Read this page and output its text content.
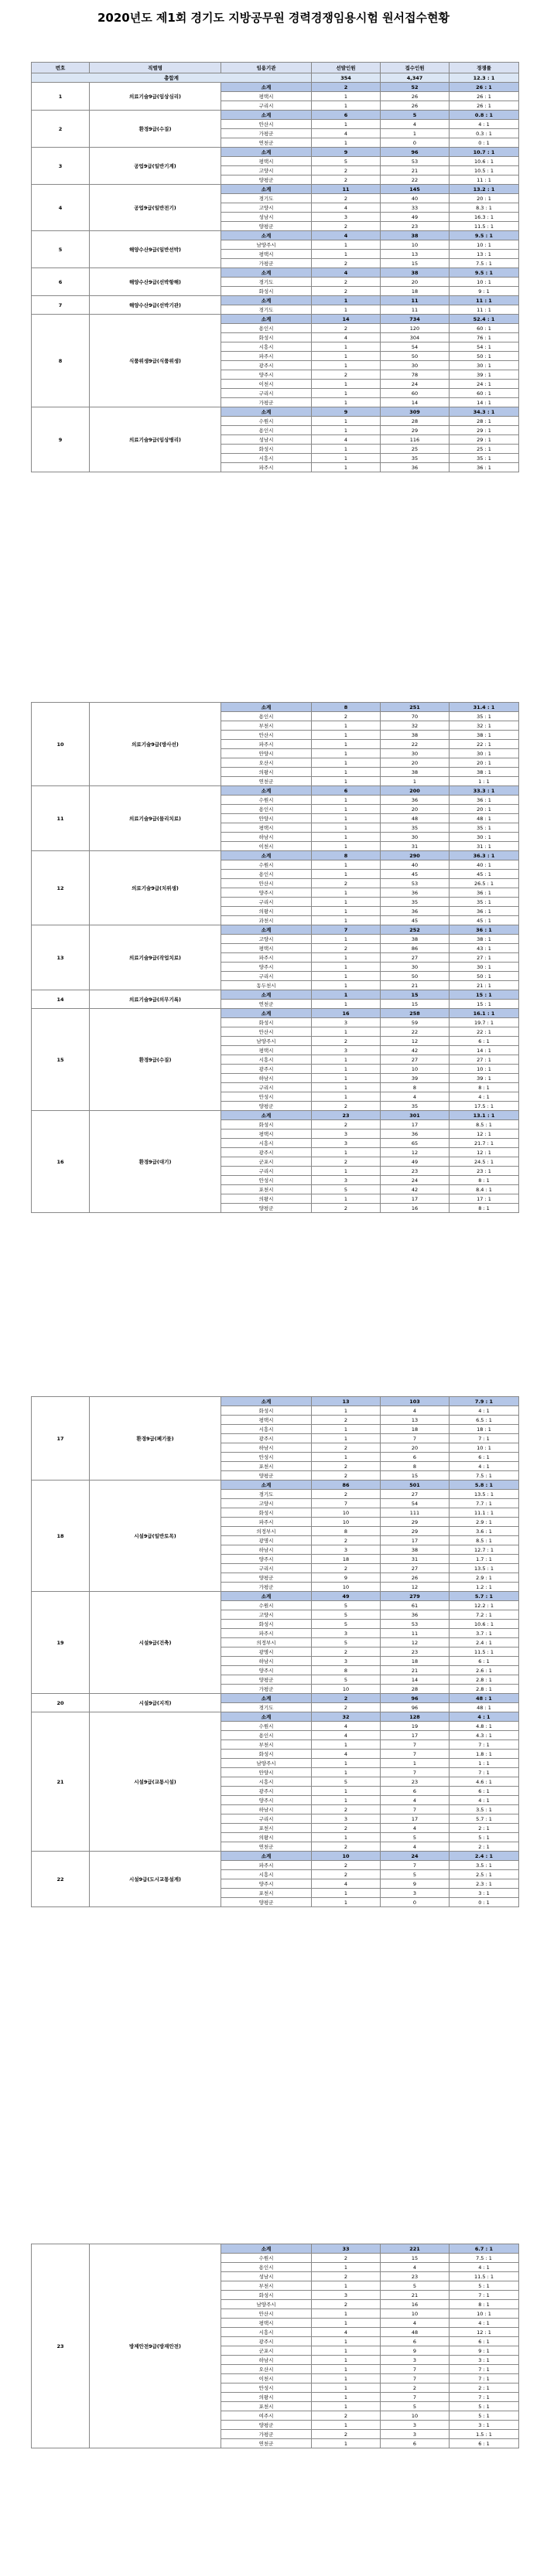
2020년도 제1회 경기도 지방공무원 경력경쟁임용시험 원서접수현황
번호	직렬명	임용기관	선발인원	접수인원	경쟁률
총합계			354	4,347	12.3 : 1
1	의료기술9급(임상심리)	소계	2	52	26 : 1
		평택시	1	26	26 : 1
		구리시	1	26	26 : 1
2	환경9급(수질)	소계	6	5	0.8 : 1
		안산시	1	4	4 : 1
		가평군	4	1	0.3 : 1
		연천군	1	0	0 : 1
3	공업9급(일반기계)	소계	9	96	10.7 : 1
		평택시	5	53	10.6 : 1
		고양시	2	21	10.5 : 1
		양평군	2	22	11 : 1
4	공업9급(일반전기)	소계	11	145	13.2 : 1
		경기도	2	40	20 : 1
		고양시	4	33	8.3 : 1
		성남시	3	49	16.3 : 1
		양평군	2	23	11.5 : 1
5	해양수산9급(일반선박)	소계	4	38	9.5 : 1
		남양주시	1	10	10 : 1
		평택시	1	13	13 : 1
		가평군	2	15	7.5 : 1
6	해양수산9급(선박항해)	소계	4	38	9.5 : 1
		경기도	2	20	10 : 1
		화성시	2	18	9 : 1
7	해양수산9급(선박기관)	소계	1	11	11 : 1
		경기도	1	11	11 : 1
8	식품위생9급(식품위생)	소계	14	734	52.4 : 1
		용인시	2	120	60 : 1
		화성시	4	304	76 : 1
		시흥시	1	54	54 : 1
		파주시	1	50	50 : 1
		광주시	1	30	30 : 1
		양주시	2	78	39 : 1
		이천시	1	24	24 : 1
		구리시	1	60	60 : 1
		가평군	1	14	14 : 1
9	의료기술9급(임상병리)	소계	9	309	34.3 : 1
		수원시	1	28	28 : 1
		용인시	1	29	29 : 1
		성남시	4	116	29 : 1
		화성시	1	25	25 : 1
		시흥시	1	35	35 : 1
		파주시	1	36	36 : 1
10	의료기술9급(방사선)	소계	8	251	31.4 : 1
		용인시	2	70	35 : 1
		부천시	1	32	32 : 1
		안산시	1	38	38 : 1
		파주시	1	22	22 : 1
		안양시	1	30	30 : 1
		오산시	1	20	20 : 1
		의왕시	1	38	38 : 1
		연천군	1	1	1 : 1
11	의료기술9급(물리치료)	소계	6	200	33.3 : 1
		수원시	1	36	36 : 1
		용인시	1	20	20 : 1
		안양시	1	48	48 : 1
		평택시	1	35	35 : 1
		하남시	1	30	30 : 1
		이천시	1	31	31 : 1
12	의료기술9급(치위생)	소계	8	290	36.3 : 1
		수원시	1	40	40 : 1
		용인시	1	45	45 : 1
		안산시	2	53	26.5 : 1
		양주시	1	36	36 : 1
		구리시	1	35	35 : 1
		의왕시	1	36	36 : 1
		과천시	1	45	45 : 1
13	의료기술9급(작업치료)	소계	7	252	36 : 1
		고양시	1	38	38 : 1
		평택시	2	86	43 : 1
		파주시	1	27	27 : 1
		양주시	1	30	30 : 1
		구리시	1	50	50 : 1
		동두천시	1	21	21 : 1
14	의료기술9급(의무기록)	소계	1	15	15 : 1
		연천군	1	15	15 : 1
15	환경9급(수질)	소계	16	258	16.1 : 1
		화성시	3	59	19.7 : 1
		안산시	1	22	22 : 1
		남양주시	2	12	6 : 1
		평택시	3	42	14 : 1
		시흥시	1	27	27 : 1
		광주시	1	10	10 : 1
		하남시	1	39	39 : 1
		구리시	1	8	8 : 1
		안성시	1	4	4 : 1
		양평군	2	35	17.5 : 1
16	환경9급(대기)	소계	23	301	13.1 : 1
		화성시	2	17	8.5 : 1
		평택시	3	36	12 : 1
		시흥시	3	65	21.7 : 1
		광주시	1	12	12 : 1
		군포시	2	49	24.5 : 1
		구리시	1	23	23 : 1
		안성시	3	24	8 : 1
		포천시	5	42	8.4 : 1
		의왕시	1	17	17 : 1
		양평군	2	16	8 : 1
17	환경9급(폐기물)	소계	13	103	7.9 : 1
		화성시	1	4	4 : 1
		평택시	2	13	6.5 : 1
		시흥시	1	18	18 : 1
		광주시	1	7	7 : 1
		하남시	2	20	10 : 1
		안성시	1	6	6 : 1
		포천시	2	8	4 : 1
		양평군	2	15	7.5 : 1
18	시설9급(일반토목)	소계	86	501	5.8 : 1
		경기도	2	27	13.5 : 1
		고양시	7	54	7.7 : 1
		화성시	10	111	11.1 : 1
		파주시	10	29	2.9 : 1
		의정부시	8	29	3.6 : 1
		광명시	2	17	8.5 : 1
		하남시	3	38	12.7 : 1
		양주시	18	31	1.7 : 1
		구리시	2	27	13.5 : 1
		양평군	9	26	2.9 : 1
		가평군	10	12	1.2 : 1
19	시설9급(건축)	소계	49	279	5.7 : 1
		수원시	5	61	12.2 : 1
		고양시	5	36	7.2 : 1
		화성시	5	53	10.6 : 1
		파주시	3	11	3.7 : 1
		의정부시	5	12	2.4 : 1
		광명시	2	23	11.5 : 1
		하남시	3	18	6 : 1
		양주시	8	21	2.6 : 1
		양평군	5	14	2.8 : 1
		가평군	10	28	2.8 : 1
20	시설9급(지적)	소계	2	96	48 : 1
		경기도	2	96	48 : 1
21	시설9급(교통시설)	소계	32	128	4 : 1
		수원시	4	19	4.8 : 1
		용인시	4	17	4.3 : 1
		부천시	1	7	7 : 1
		화성시	4	7	1.8 : 1
		남양주시	1	1	1 : 1
		안양시	1	7	7 : 1
		시흥시	5	23	4.6 : 1
		광주시	1	6	6 : 1
		양주시	1	4	4 : 1
		하남시	2	7	3.5 : 1
		구리시	3	17	5.7 : 1
		포천시	2	4	2 : 1
		의왕시	1	5	5 : 1
		연천군	2	4	2 : 1
22	시설9급(도시교통설계)	소계	10	24	2.4 : 1
		파주시	2	7	3.5 : 1
		시흥시	2	5	2.5 : 1
		양주시	4	9	2.3 : 1
		포천시	1	3	3 : 1
		양평군	1	0	0 : 1
23	방제안전9급(방재안전)	소계	33	221	6.7 : 1
		수원시	2	15	7.5 : 1
		용인시	1	4	4 : 1
		성남시	2	23	11.5 : 1
		부천시	1	5	5 : 1
		화성시	3	21	7 : 1
		남양주시	2	16	8 : 1
		안산시	1	10	10 : 1
		평택시	1	4	4 : 1
		시흥시	4	48	12 : 1
		광주시	1	6	6 : 1
		군포시	1	9	9 : 1
		하남시	1	3	3 : 1
		오산시	1	7	7 : 1
		이천시	1	7	7 : 1
		안성시	1	2	2 : 1
		의왕시	1	7	7 : 1
		포천시	1	5	5 : 1
		여주시	2	10	5 : 1
		양평군	1	3	3 : 1
		가평군	2	3	1.5 : 1
		연천군	1	6	6 : 1
